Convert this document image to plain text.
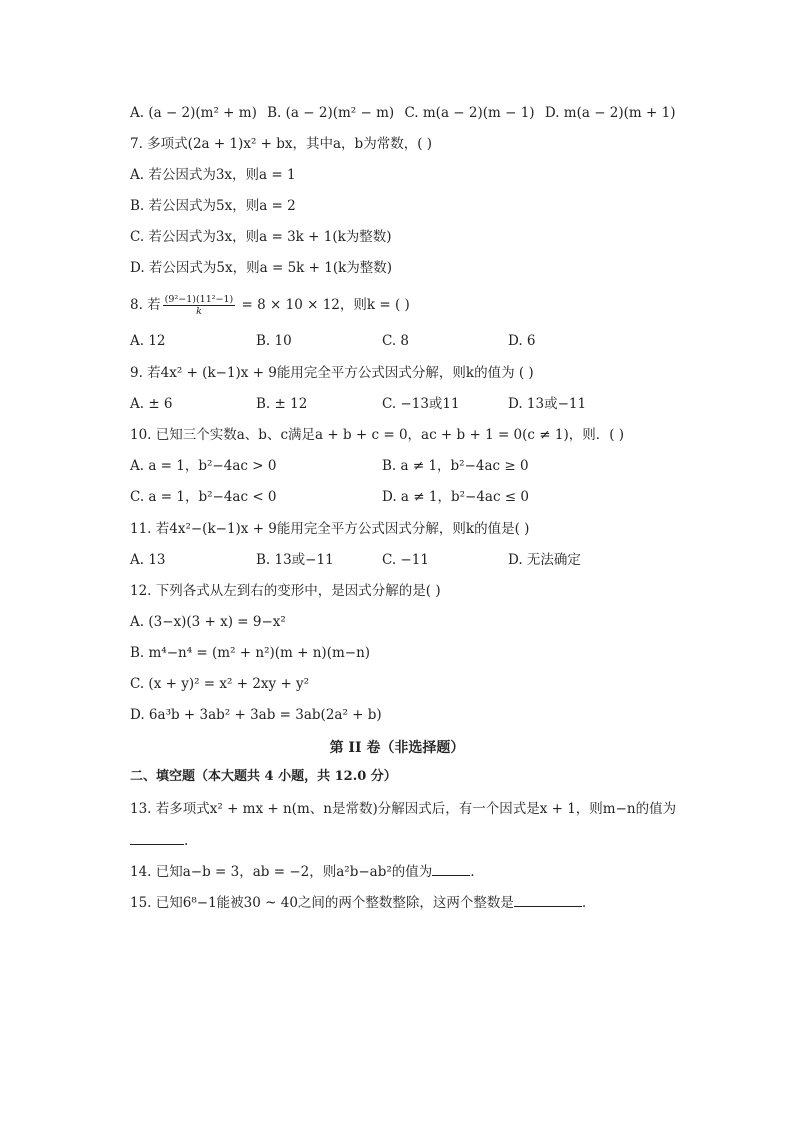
A. (a − 2)(m² + m) B. (a − 2)(m² − m) C. m(a − 2)(m − 1) D. m(a − 2)(m + 1)
7. 多项式(2a + 1)x² + bx，其中a，b为常数，( )
A. 若公因式为3x，则a = 1
B. 若公因式为5x，则a = 2
C. 若公因式为3x，则a = 3k + 1(k为整数)
D. 若公因式为5x，则a = 5k + 1(k为整数)
8. 若 $\frac{\text{(9²−1)(11²−1)}}{k} = 8 \times 10 \times 12$，则k = ( )
A. 12	B. 10	C. 8	D. 6
9. 若4x² + (k−1)x + 9能用完全平方公式因式分解，则k的值为 ( )
A. ± 6	B. ± 12	C. −13或11	D. 13或−11
10. 已知三个实数a、b、c满足a + b + c = 0，ac + b + 1 = 0(c ≠ 1)，则．( )
A. a = 1，b²−4ac > 0	B. a ≠ 1，b²−4ac ≥ 0
C. a = 1，b²−4ac < 0	D. a ≠ 1，b²−4ac ≤ 0
11. 若4x²−(k−1)x + 9能用完全平方公式因式分解，则k的值是( )
A. 13	B. 13或−11	C. −11	D. 无法确定
12. 下列各式从左到右的变形中，是因式分解的是( )
A. (3−x)(3 + x) = 9−x²
B. m⁴−n⁴ = (m² + n²)(m + n)(m−n)
C. (x + y)² = x² + 2xy + y²
D. 6a³b + 3ab² + 3ab = 3ab(2a² + b)
第 II 卷（非选择题）
二、填空题（本大题共 4 小题，共 12.0 分）
13. 若多项式x² + mx + n(m、n是常数)分解因式后，有一个因式是x + 1，则m−n的值为
.
14. 已知a−b = 3，ab = −2，则a²b−ab²的值为	.
15. 已知6⁸−1能被30 ~ 40之间的两个整数整除，这两个整数是	.
